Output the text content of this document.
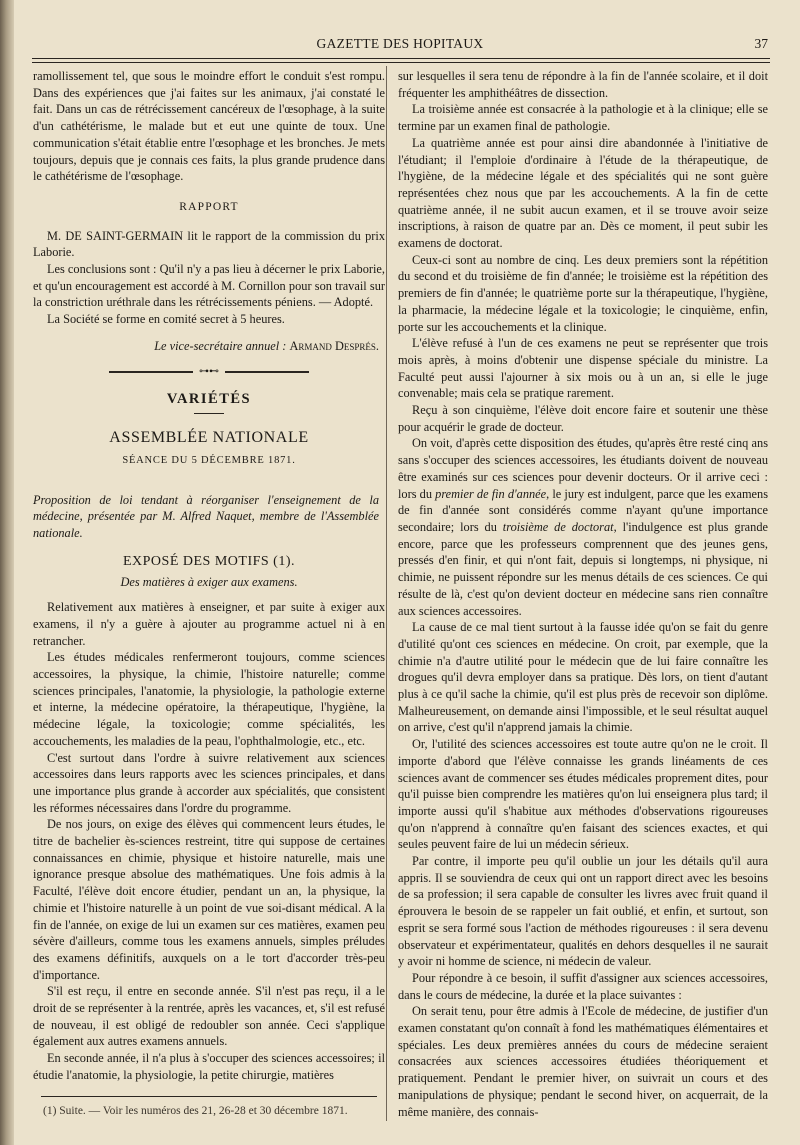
GAZETTE DES HOPITAUX	37

ramollissement tel, que sous le moindre effort le conduit s'est rompu. Dans des expériences que j'ai faites sur les animaux, j'ai constaté le fait. Dans un cas de rétrécissement cancéreux de l'œsophage, à la suite d'un cathétérisme, le malade but et eut une quinte de toux. Une communication s'était établie entre l'œsophage et les bronches. Je mets toujours, depuis que je connais ces faits, la plus grande prudence dans le cathétérisme de l'œsophage.

RAPPORT

M. DE SAINT-GERMAIN lit le rapport de la commission du prix Laborie.

Les conclusions sont : Qu'il n'y a pas lieu à décerner le prix Laborie, et qu'un encouragement est accordé à M. Cornillon pour son travail sur la constriction uréthrale dans les rétrécissements péniens. — Adopté.

La Société se forme en comité secret à 5 heures.

Le vice-secrétaire annuel : Armand Després.

⊶⊷
VARIÉTÉS
ASSEMBLÉE NATIONALE
SÉANCE DU 5 DÉCEMBRE 1871.

Proposition de loi tendant à réorganiser l'enseignement de la médecine, présentée par M. Alfred Naquet, membre de l'Assemblée nationale.

EXPOSÉ DES MOTIFS (1).
Des matières à exiger aux examens.

Relativement aux matières à enseigner, et par suite à exiger aux examens, il n'y a guère à ajouter au programme actuel ni à en retrancher.

Les études médicales renfermeront toujours, comme sciences accessoires, la physique, la chimie, l'histoire naturelle; comme sciences principales, l'anatomie, la physiologie, la pathologie externe et interne, la médecine opératoire, la thérapeutique, l'hygiène, la médecine légale, la toxicologie; comme spécialités, les accouchements, les maladies de la peau, l'ophthalmologie, etc., etc.

C'est surtout dans l'ordre à suivre relativement aux sciences accessoires dans leurs rapports avec les sciences principales, et dans une importance plus grande à accorder aux spécialités, que consistent les réformes nécessaires dans l'ordre du programme.

De nos jours, on exige des élèves qui commencent leurs études, le titre de bachelier ès-sciences restreint, titre qui suppose de certaines connaissances en chimie, physique et histoire naturelle, mais une ignorance presque absolue des mathématiques. Une fois admis à la Faculté, l'élève doit encore étudier, pendant un an, la physique, la chimie et l'histoire naturelle à un point de vue soi-disant médical. A la fin de l'année, on exige de lui un examen sur ces matières, examen peu sévère d'ailleurs, comme tous les examens annuels, simples préludes des examens définitifs, auxquels on a le tort d'accorder très-peu d'importance.

S'il est reçu, il entre en seconde année. S'il n'est pas reçu, il a le droit de se représenter à la rentrée, après les vacances, et, s'il est refusé de nouveau, il est obligé de redoubler son année. Ceci s'applique également aux autres examens annuels.

En seconde année, il n'a plus à s'occuper des sciences accessoires; il étudie l'anatomie, la physiologie, la petite chirurgie, matières

(1) Suite. — Voir les numéros des 21, 26-28 et 30 décembre 1871.

sur lesquelles il sera tenu de répondre à la fin de l'année scolaire, et il doit fréquenter les amphithéâtres de dissection.

La troisième année est consacrée à la pathologie et à la clinique; elle se termine par un examen final de pathologie.

La quatrième année est pour ainsi dire abandonnée à l'initiative de l'étudiant; il l'emploie d'ordinaire à l'étude de la thérapeutique, de l'hygiène, de la médecine légale et des spécialités qui ne sont guère représentées chez nous que par les accouchements. A la fin de cette quatrième année, il ne subit aucun examen, et il se trouve avoir seize inscriptions, à raison de quatre par an. Dès ce moment, il peut subir les examens de doctorat.

Ceux-ci sont au nombre de cinq. Les deux premiers sont la répétition du second et du troisième de fin d'année; le troisième est la répétition des premiers de fin d'année; le quatrième porte sur la thérapeutique, l'hygiène, la pharmacie, la médecine légale et la toxicologie; le cinquième, enfin, porte sur les accouchements et la clinique.

L'élève refusé à l'un de ces examens ne peut se représenter que trois mois après, à moins d'obtenir une dispense spéciale du ministre. La Faculté peut aussi l'ajourner à six mois ou à un an, si elle le juge convenable; mais cela se pratique rarement.

Reçu à son cinquième, l'élève doit encore faire et soutenir une thèse pour acquérir le grade de docteur.

On voit, d'après cette disposition des études, qu'après être resté cinq ans sans s'occuper des sciences accessoires, les étudiants doivent de nouveau être examinés sur ces sciences pour devenir docteurs. Or il arrive ceci : lors du premier de fin d'année, le jury est indulgent, parce que les examens de fin d'année sont considérés comme n'ayant qu'une importance secondaire; lors du troisième de doctorat, l'indulgence est plus grande encore, parce que les professeurs comprennent que des jeunes gens, pressés d'en finir, et qui n'ont fait, depuis si longtemps, ni physique, ni chimie, ne puissent répondre sur les menus détails de ces sciences. Ce qui résulte de là, c'est qu'on devient docteur en médecine sans rien connaître aux sciences accessoires.

La cause de ce mal tient surtout à la fausse idée qu'on se fait du genre d'utilité qu'ont ces sciences en médecine. On croit, par exemple, que la chimie n'a d'autre utilité pour le médecin que de lui faire connaître les drogues qu'il devra employer dans sa pratique. Dès lors, on tient d'autant plus à ce qu'il sache la chimie, qu'il est plus près de recevoir son diplôme. Malheureusement, on demande ainsi l'impossible, et le seul résultat auquel on arrive, c'est qu'il n'apprend jamais la chimie.

Or, l'utilité des sciences accessoires est toute autre qu'on ne le croit. Il importe d'abord que l'élève connaisse les grands linéaments de ces sciences avant de commencer ses études médicales proprement dites, pour qu'il puisse bien comprendre les matières qu'on lui enseignera plus tard; il importe aussi qu'il s'habitue aux méthodes d'observations rigoureuses qu'on n'apprend à connaître qu'en faisant des sciences exactes, et qui seules peuvent faire de lui un médecin sérieux.

Par contre, il importe peu qu'il oublie un jour les détails qu'il aura appris. Il se souviendra de ceux qui ont un rapport direct avec les besoins de sa profession; il sera capable de consulter les livres avec fruit quand il éprouvera le besoin de se rappeler un fait oublié, et enfin, et surtout, son esprit se sera formé sous l'action de méthodes rigoureuses : il sera devenu observateur et expérimentateur, qualités en dehors desquelles il ne saurait y avoir ni homme de science, ni médecin de valeur.

Pour répondre à ce besoin, il suffit d'assigner aux sciences accessoires, dans le cours de médecine, la durée et la place suivantes :

On serait tenu, pour être admis à l'Ecole de médecine, de justifier d'un examen constatant qu'on connaît à fond les mathématiques élémentaires et spéciales. Les deux premières années du cours de médecine seraient consacrées aux sciences accessoires étudiées théoriquement et pratiquement. Pendant le premier hiver, on suivrait un cours et des manipulations de physique; pendant le second hiver, on acquerrait, de la même manière, des connais-
